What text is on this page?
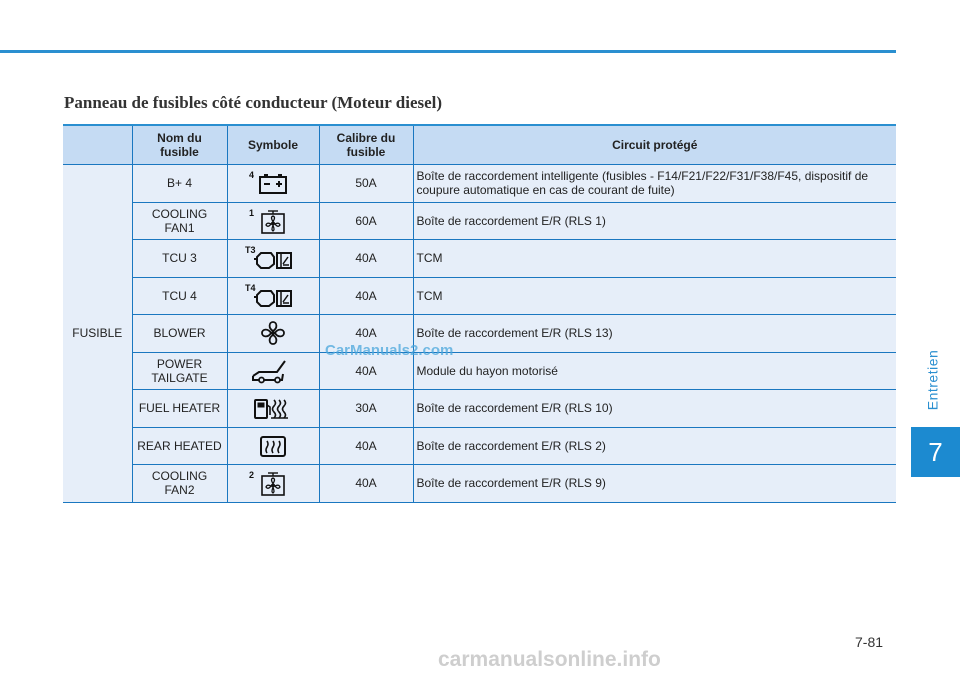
Panneau de fusibles côté conducteur (Moteur diesel)
	Nom du fusible	Symbole	Calibre du fusible	Circuit protégé
FUSIBLE	B+ 4	4	50A	Boîte de raccordement intelligente (fusibles - F14/F21/F22/F31/F38/F45, dispositif de coupure automatique en cas de courant de fuite)
	COOLING FAN1	1	60A	Boîte de raccordement E/R (RLS 1)
	TCU 3	T3	40A	TCM
	TCU 4	T4	40A	TCM
	BLOWER		40A	Boîte de raccordement E/R (RLS 13)
	POWER TAILGATE		40A	Module du hayon motorisé
	FUEL HEATER		30A	Boîte de raccordement E/R (RLS 10)
	REAR HEATED		40A	Boîte de raccordement E/R (RLS 2)
	COOLING FAN2	2	40A	Boîte de raccordement E/R (RLS 9)
CarManuals2.com	Entretien
7
7-81
carmanualsonline.info
